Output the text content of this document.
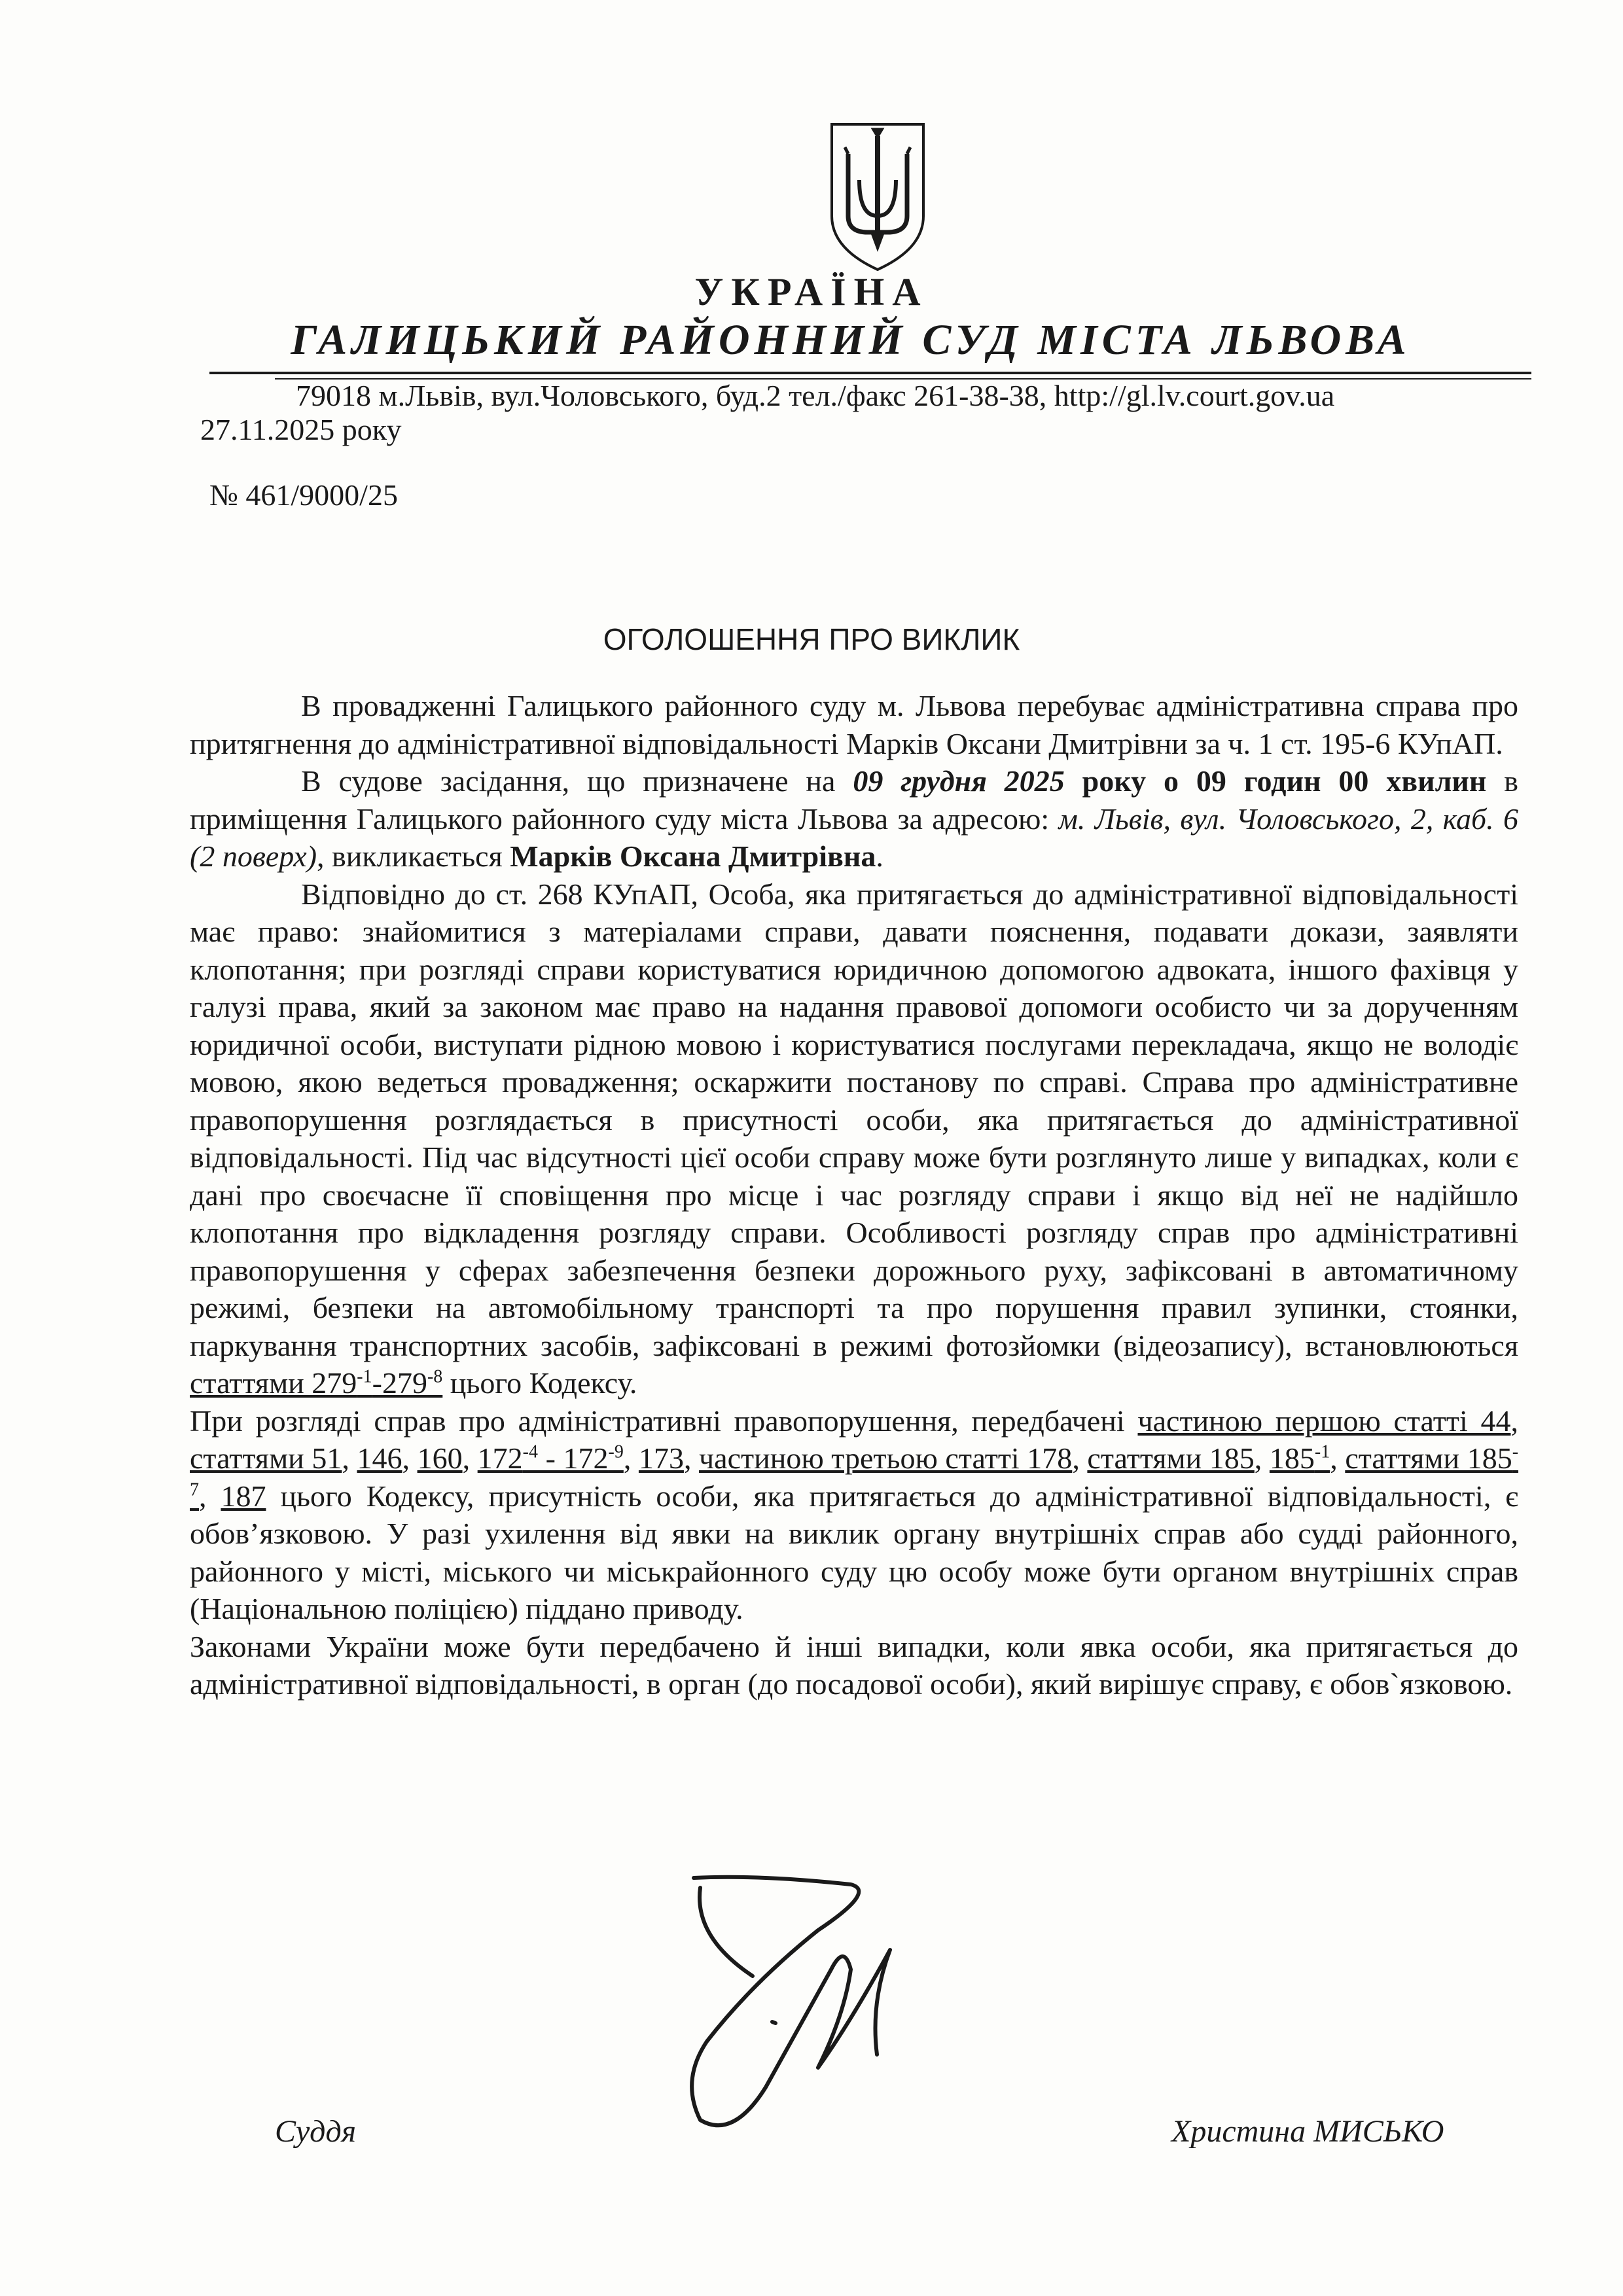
УКРАЇНА
ГАЛИЦЬКИЙ РАЙОННИЙ СУД МІСТА ЛЬВОВА
79018 м.Львів, вул.Чоловського, буд.2 тел./факс 261-38-38, http://gl.lv.court.gov.ua
27.11.2025 року
№ 461/9000/25
ОГОЛОШЕННЯ ПРО ВИКЛИК

В провадженні Галицького районного суду м. Львова перебуває адміністративна справа про притягнення до адміністративної відповідальності Марків Оксани Дмитрівни за ч. 1 ст. 195-6 КУпАП.

В судове засідання, що призначене на 09 грудня 2025 року о 09 годин 00 хвилин в приміщення Галицького районного суду міста Львова за адресою: м. Львів, вул. Чоловського, 2, каб. 6 (2 поверх), викликається Марків Оксана Дмитрівна.

Відповідно до ст. 268 КУпАП, Особа, яка притягається до адміністративної відповідальності має право: знайомитися з матеріалами справи, давати пояснення, подавати докази, заявляти клопотання; при розгляді справи користуватися юридичною допомогою адвоката, іншого фахівця у галузі права, який за законом має право на надання правової допомоги особисто чи за дорученням юридичної особи, виступати рідною мовою і користуватися послугами перекладача, якщо не володіє мовою, якою ведеться провадження; оскаржити постанову по справі. Справа про адміністративне правопорушення розглядається в присутності особи, яка притягається до адміністративної відповідальності. Під час відсутності цієї особи справу може бути розглянуто лише у випадках, коли є дані про своєчасне її сповіщення про місце і час розгляду справи і якщо від неї не надійшло клопотання про відкладення розгляду справи. Особливості розгляду справ про адміністративні правопорушення у сферах забезпечення безпеки дорожнього руху, зафіксовані в автоматичному режимі, безпеки на автомобільному транспорті та про порушення правил зупинки, стоянки, паркування транспортних засобів, зафіксовані в режимі фотозйомки (відеозапису), встановлюються статтями $279^{-1}-279^{-8}$ цього Кодексу.

При розгляді справ про адміністративні правопорушення, передбачені частиною першою статті 44, статтями 51, 146, 160, $172^{-4} - 172^{-9}$, 173, частиною третьою статті 178, статтями 185, $185^{-1}$, статтями $185^{-7}$, 187 цього Кодексу, присутність особи, яка притягається до адміністративної відповідальності, є обов’язковою. У разі ухилення від явки на виклик органу внутрішніх справ або судді районного, районного у місті, міського чи міськрайонного суду цю особу може бути органом внутрішніх справ (Національною поліцією) піддано приводу.

Законами України може бути передбачено й інші випадки, коли явка особи, яка притягається до адміністративної відповідальності, в орган (до посадової особи), який вирішує справу, є обов`язковою.

Суддя	Христина МИСЬКО
